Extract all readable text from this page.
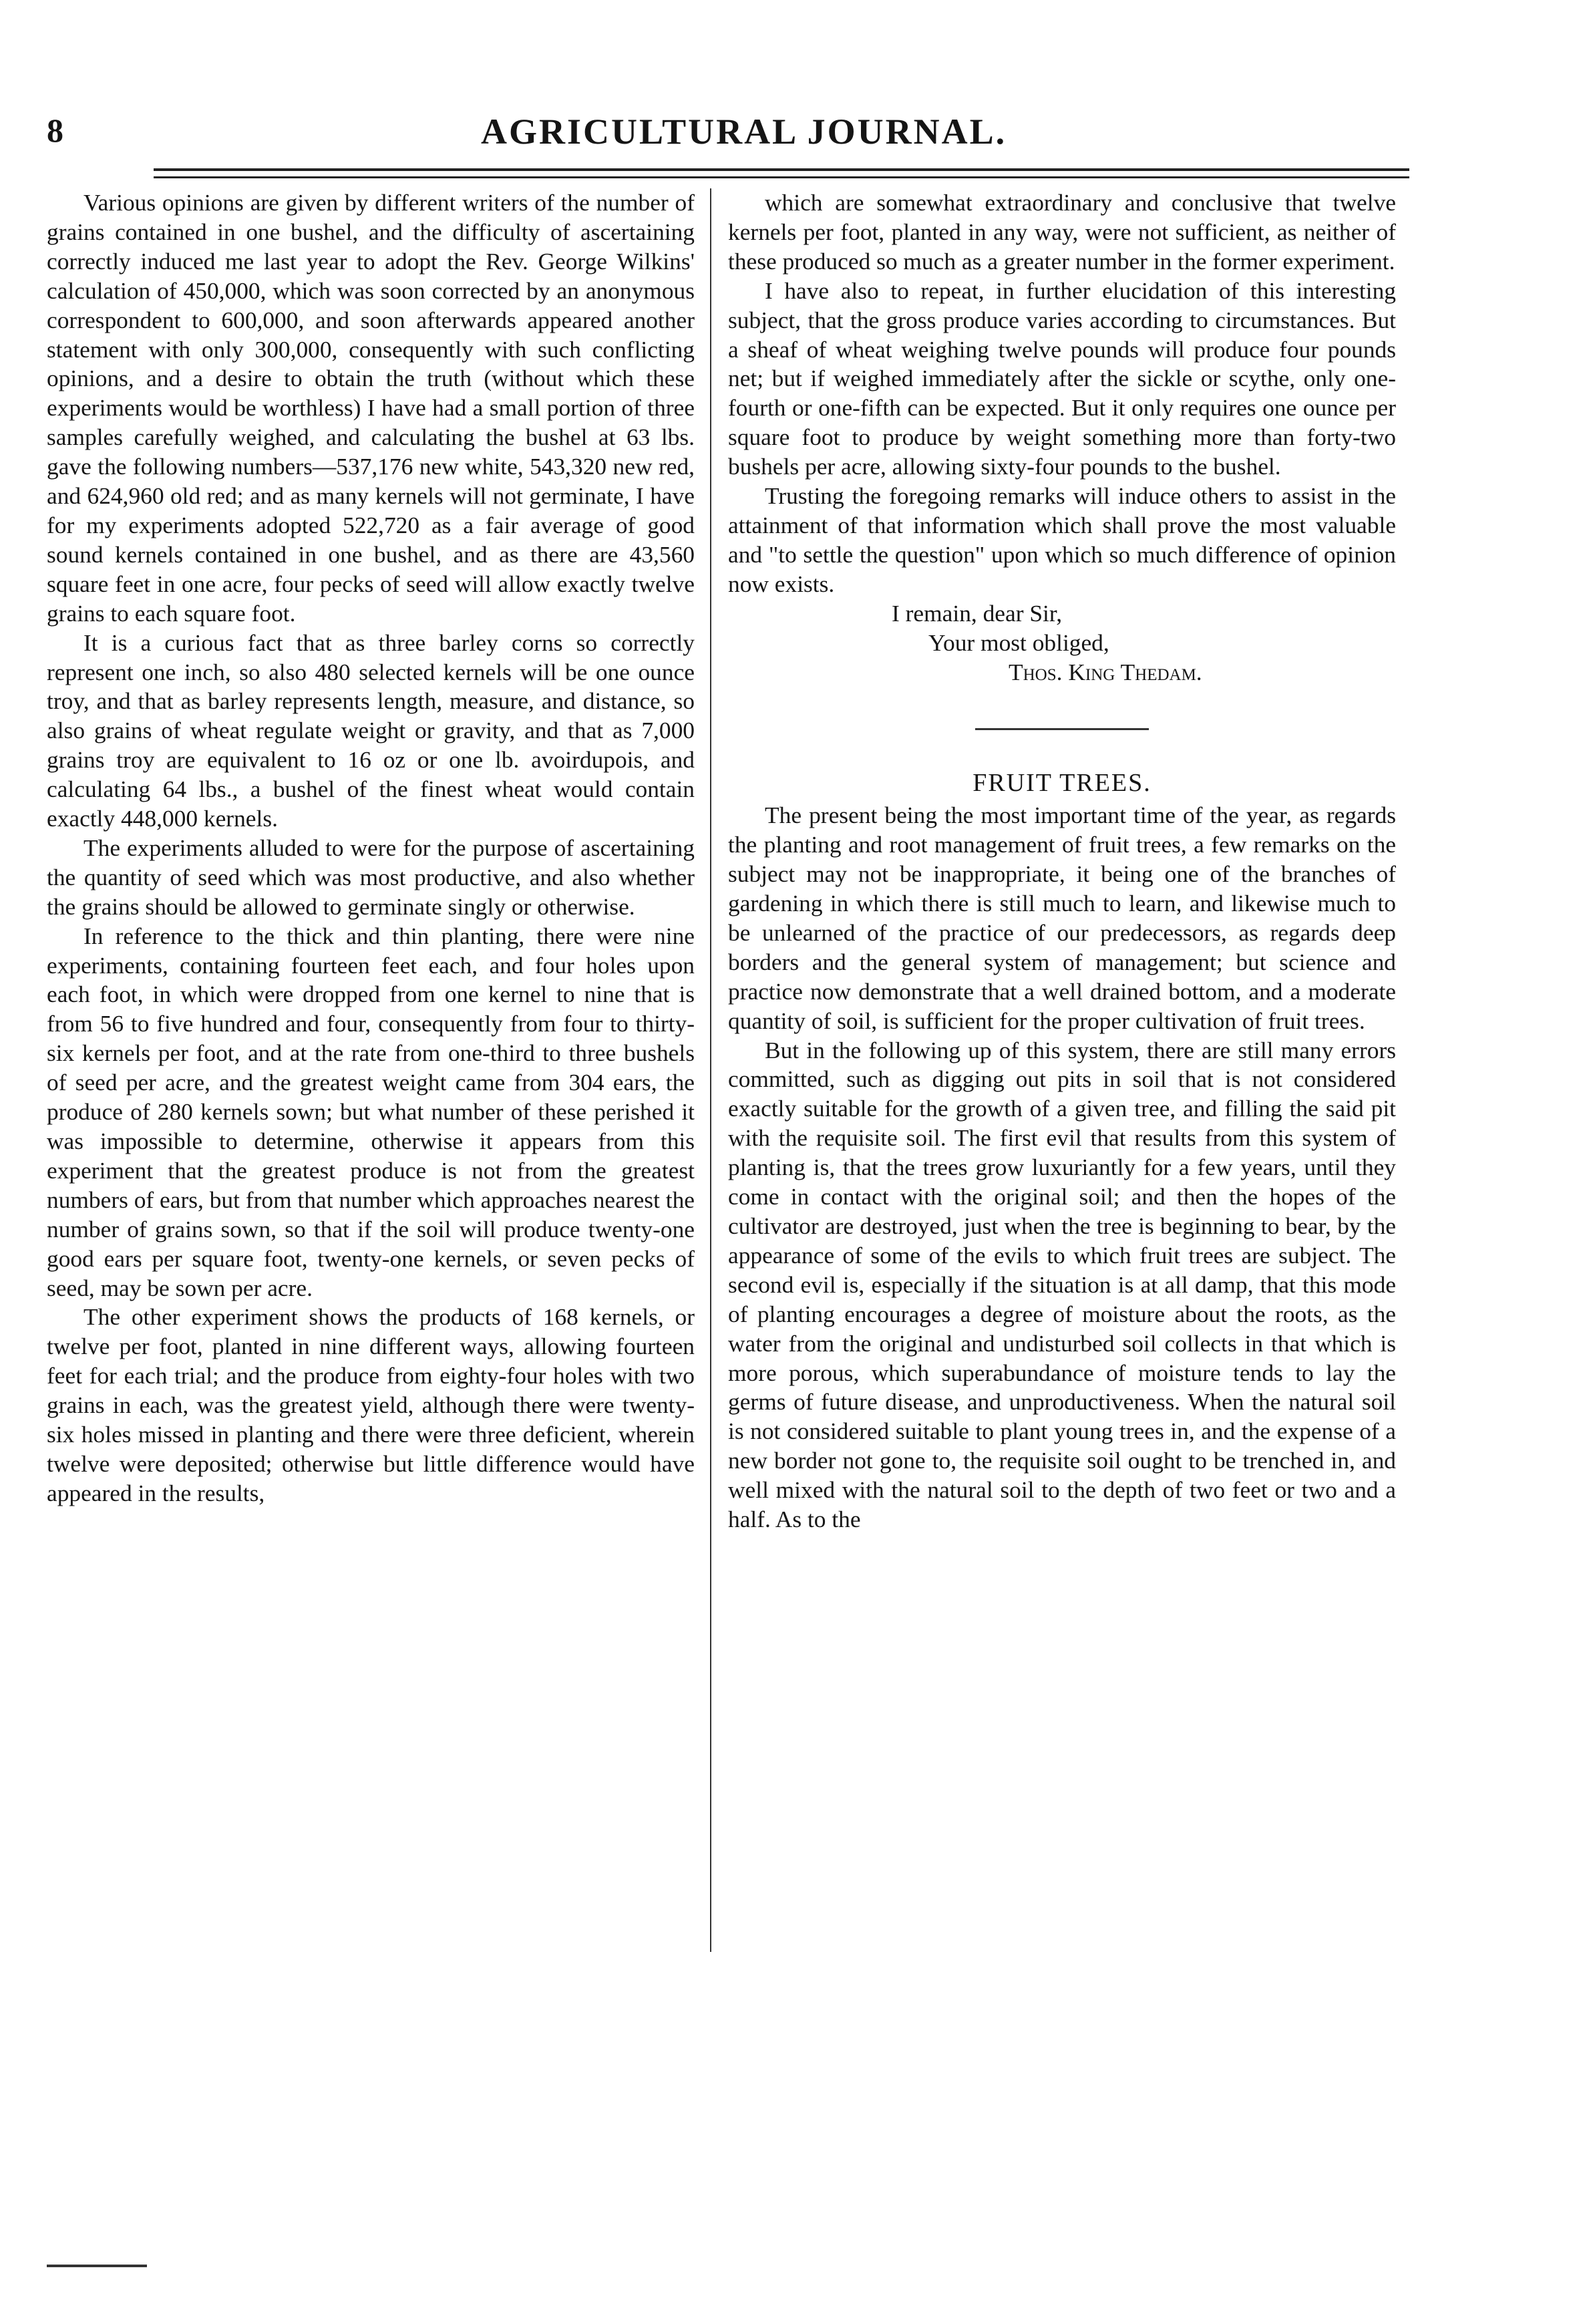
8	AGRICULTURAL JOURNAL.

Various opinions are given by different writers of the number of grains contained in one bushel, and the difficulty of ascertaining correctly induced me last year to adopt the Rev. George Wilkins' calculation of 450,000, which was soon corrected by an anonymous correspondent to 600,000, and soon afterwards appeared another statement with only 300,000, consequently with such conflicting opinions, and a desire to obtain the truth (without which these experiments would be worthless) I have had a small portion of three samples carefully weighed, and calculating the bushel at 63 lbs. gave the following numbers—537,176 new white, 543,320 new red, and 624,960 old red; and as many kernels will not germinate, I have for my experiments adopted 522,720 as a fair average of good sound kernels contained in one bushel, and as there are 43,560 square feet in one acre, four pecks of seed will allow exactly twelve grains to each square foot.

It is a curious fact that as three barley corns so correctly represent one inch, so also 480 selected kernels will be one ounce troy, and that as barley represents length, measure, and distance, so also grains of wheat regulate weight or gravity, and that as 7,000 grains troy are equivalent to 16 oz or one lb. avoirdupois, and calculating 64 lbs., a bushel of the finest wheat would contain exactly 448,000 kernels.

The experiments alluded to were for the purpose of ascertaining the quantity of seed which was most productive, and also whether the grains should be allowed to germinate singly or otherwise.

In reference to the thick and thin planting, there were nine experiments, containing fourteen feet each, and four holes upon each foot, in which were dropped from one kernel to nine that is from 56 to five hundred and four, consequently from four to thirty-six kernels per foot, and at the rate from one-third to three bushels of seed per acre, and the greatest weight came from 304 ears, the produce of 280 kernels sown; but what number of these perished it was impossible to determine, otherwise it appears from this experiment that the greatest produce is not from the greatest numbers of ears, but from that number which approaches nearest the number of grains sown, so that if the soil will produce twenty-one good ears per square foot, twenty-one kernels, or seven pecks of seed, may be sown per acre.

The other experiment shows the products of 168 kernels, or twelve per foot, planted in nine different ways, allowing fourteen feet for each trial; and the produce from eighty-four holes with two grains in each, was the greatest yield, although there were twenty-six holes missed in planting and there were three deficient, wherein twelve were deposited; otherwise but little difference would have appeared in the results,

which are somewhat extraordinary and conclusive that twelve kernels per foot, planted in any way, were not sufficient, as neither of these produced so much as a greater number in the former experiment.

I have also to repeat, in further elucidation of this interesting subject, that the gross produce varies according to circumstances. But a sheaf of wheat weighing twelve pounds will produce four pounds net; but if weighed immediately after the sickle or scythe, only one-fourth or one-fifth can be expected. But it only requires one ounce per square foot to produce by weight something more than forty-two bushels per acre, allowing sixty-four pounds to the bushel.

Trusting the foregoing remarks will induce others to assist in the attainment of that information which shall prove the most valuable and "to settle the question" upon which so much difference of opinion now exists.

I remain, dear Sir,
Your most obliged,
Thos. King Thedam.
FRUIT TREES.

The present being the most important time of the year, as regards the planting and root management of fruit trees, a few remarks on the subject may not be inappropriate, it being one of the branches of gardening in which there is still much to learn, and likewise much to be unlearned of the practice of our predecessors, as regards deep borders and the general system of management; but science and practice now demonstrate that a well drained bottom, and a moderate quantity of soil, is sufficient for the proper cultivation of fruit trees.

But in the following up of this system, there are still many errors committed, such as digging out pits in soil that is not considered exactly suitable for the growth of a given tree, and filling the said pit with the requisite soil. The first evil that results from this system of planting is, that the trees grow luxuriantly for a few years, until they come in contact with the original soil; and then the hopes of the cultivator are destroyed, just when the tree is beginning to bear, by the appearance of some of the evils to which fruit trees are subject. The second evil is, especially if the situation is at all damp, that this mode of planting encourages a degree of moisture about the roots, as the water from the original and undisturbed soil collects in that which is more porous, which superabundance of moisture tends to lay the germs of future disease, and unproductiveness. When the natural soil is not considered suitable to plant young trees in, and the expense of a new border not gone to, the requisite soil ought to be trenched in, and well mixed with the natural soil to the depth of two feet or two and a half. As to the
